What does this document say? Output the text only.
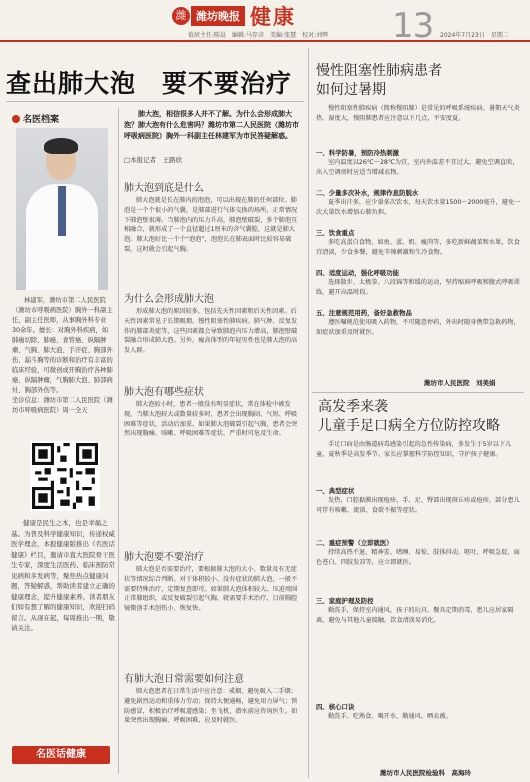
潍 潍坊晚报 健康
值班主任:陈晨　编辑:马存彦　美编:张慧　校对:刘辉 13 2024年7月23日　星期二
查出肺大泡　要不要治疗
名医档案
林建军，潍坊市第二人民医院（潍坊市呼吸病医院）胸外一科副主任，副主任医师，从事胸外科专业30余年。擅长：对胸外科疾病，如肺癌切除、肺癌、食管癌、纵隔肿瘤、气胸、肺大泡、手汗症、胸部外伤、漏斗胸等的诊断和治疗有丰富的临床经验，可微创或开胸治疗各种肺癌、纵隔肿瘤，气胸肺大泡、肺部病灶、胸部外伤等。
坐诊信息：潍坊市第二人民医院（潍坊市呼吸病医院）周一全天
健康是民生之本，也是幸福之基。为普及科学健康知识，传递权威医学理念，本报健康版推出《名医话健康》栏目，邀请市直大医院骨干医生专家，深度生活医药、临床预防常见病和多发病等，聚焦热点健康问题，答疑解惑，帮助读者建立正确的健康理念，提升健康素养。读者朋友们如有想了解的健康知识，欢迎扫码留言。从现在起，每周推出一期，敬请关注。
名医话健康
肺大泡，相信很多人并不了解。为什么会形成肺大泡？肺大泡有什么危害吗？潍坊市第二人民医院（潍坊市呼吸病医院）胸外一科副主任林建军为市民答疑解惑。
□本报记者　王路欣
肺大泡到底是什么
肺大泡就是长在肺内的泡泡，可以出现在肺的任何部位。肺泡是一个个很小的气囊，是肺部进行气体交换的场所，正常情况下肺泡壁很薄。当肺泡内的压力升高，肺泡壁破裂，多个肺泡互相融合，就形成了一个直径超过1厘米的含气囊腔，这就是肺大泡。肺大泡好比一个个“泡泡”，泡泡长在肺表面时比较容易破裂，这时就会引起气胸。
为什么会形成肺大泡
形成肺大泡的原因较多，包括先天性因素和后天性因素。后天性因素常见于长期吸烟、慢性阻塞性肺疾病、肺气肿、反复发作的肺部炎症等，这些因素都会导致肺泡内压力增高，肺泡壁破裂融合形成肺大泡。另外，瘦高体型的年轻男性也是肺大泡的高发人群。
肺大泡有哪些症状
肺大泡较小时，患者一般没有明显症状，常在体检中被发现。当肺大泡较大或数量较多时，患者会出现胸闷、气短、呼吸困难等症状，活动后加重。如果肺大泡破裂引起气胸，患者会突然出现胸痛、咳嗽、呼吸困难等症状，严重时可危及生命。
肺大泡要不要治疗
肺大泡是否需要治疗，要根据肺大泡的大小、数量及有无症状等情况综合判断。对于体积较小、没有症状的肺大泡，一般不需要特殊治疗，定期复查即可。如果肺大泡体积较大、压迫周围正常肺组织，或反复破裂引起气胸，就需要手术治疗，目前胸腔镜微创手术创伤小、恢复快。
有肺大泡日常需要如何注意
肺大泡患者在日常生活中应注意：戒烟，避免吸入二手烟；避免剧烈运动和重体力劳动；保持大便通畅，避免用力屏气；预防感冒，积极治疗呼吸道感染；坐飞机、潜水前应咨询医生。如果突然出现胸痛、呼吸困难，应及时就医。
慢性阻塞性肺病患者
如何过暑期
慢性阻塞性肺疾病（简称慢阻肺）是常见的呼吸系统疾病。暑期天气炎热、湿度大，慢阻肺患者应注意以下几点，平安度夏。
一、科学防暑，预防冷热刺激
室内温度以26℃～28℃为宜，室内外温差不宜过大，避免空调直吹，出入空调房时应适当增减衣物。
二、少量多次补水，规律作息防脱水
夏季出汗多，应少量多次饮水，每天饮水量1500～2000毫升，避免一次大量饮水增加心肺负担。
三、饮食重点
多吃高蛋白食物，如鱼、蛋、奶、瘦肉等，多吃新鲜蔬菜和水果，饮食宜清淡，少食多餐，避免辛辣刺激和生冷食物。
四、适度运动，强化呼吸功能
选择散步、太极拳、八段锦等和缓的运动，坚持缩唇呼吸和腹式呼吸训练，避开高温时段。
五、注意规范用药，备好急救物品
遵医嘱规范使用吸入药物，不可随意停药，外出时随身携带急救药物，如症状加重及时就医。
潍坊市人民医院　刘美娟
高发季来袭
儿童手足口病全方位防控攻略
手足口病是由肠道病毒感染引起的急性传染病，多发生于5岁以下儿童，夏秋季是高发季节。家长应掌握科学防控知识，守护孩子健康。
一、典型症状
发热，口腔黏膜出现疱疹，手、足、臀部出现斑丘疹或疱疹，部分患儿可伴有咳嗽、流涕、食欲不振等症状。
二、重症预警（立即就医）
持续高热不退、精神差、嗜睡、易惊、肢体抖动、呕吐、呼吸急促、面色苍白、四肢发凉等，应立即就医。
三、家庭护理及防控
勤洗手，保持室内通风，孩子的玩具、餐具定期消毒，患儿应居家隔离，避免与其他儿童接触，饮食清淡易消化。
四、核心口诀
勤洗手、吃熟食、喝开水、勤通风、晒衣被。
潍坊市人民医院检验科　高海玲
